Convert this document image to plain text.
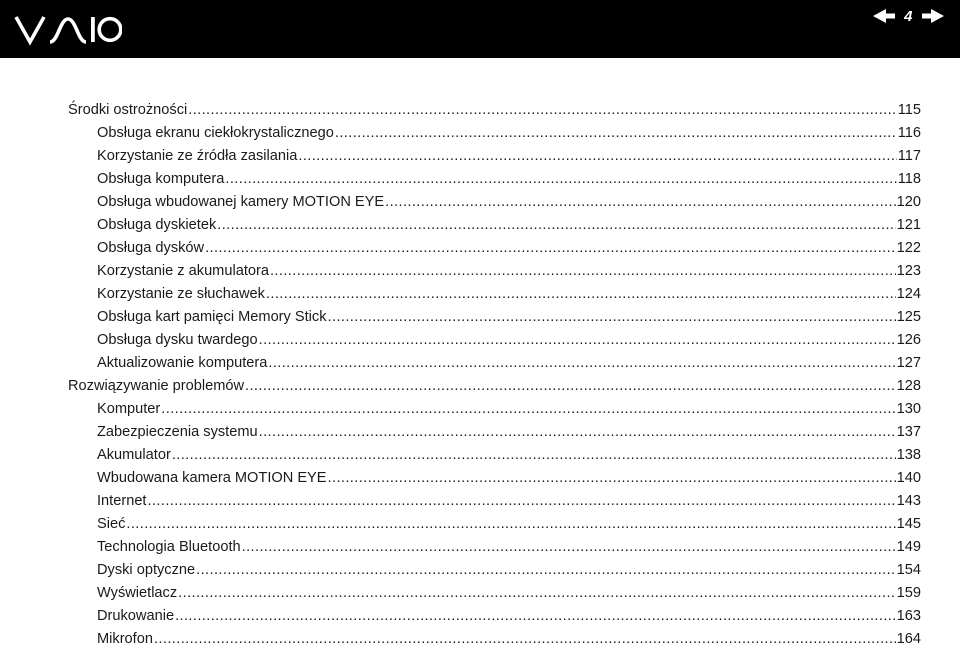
4
Środki ostrożności .....	115
Obsługa ekranu ciekłokrystalicznego .....	116
Korzystanie ze źródła zasilania .....	117
Obsługa komputera .....	118
Obsługa wbudowanej kamery MOTION EYE .....	120
Obsługa dyskietek .....	121
Obsługa dysków .....	122
Korzystanie z akumulatora .....	123
Korzystanie ze słuchawek .....	124
Obsługa kart pamięci Memory Stick .....	125
Obsługa dysku twardego .....	126
Aktualizowanie komputera .....	127
Rozwiązywanie problemów .....	128
Komputer .....	130
Zabezpieczenia systemu .....	137
Akumulator .....	138
Wbudowana kamera MOTION EYE .....	140
Internet .....	143
Sieć .....	145
Technologia Bluetooth .....	149
Dyski optyczne .....	154
Wyświetlacz .....	159
Drukowanie .....	163
Mikrofon .....	164
